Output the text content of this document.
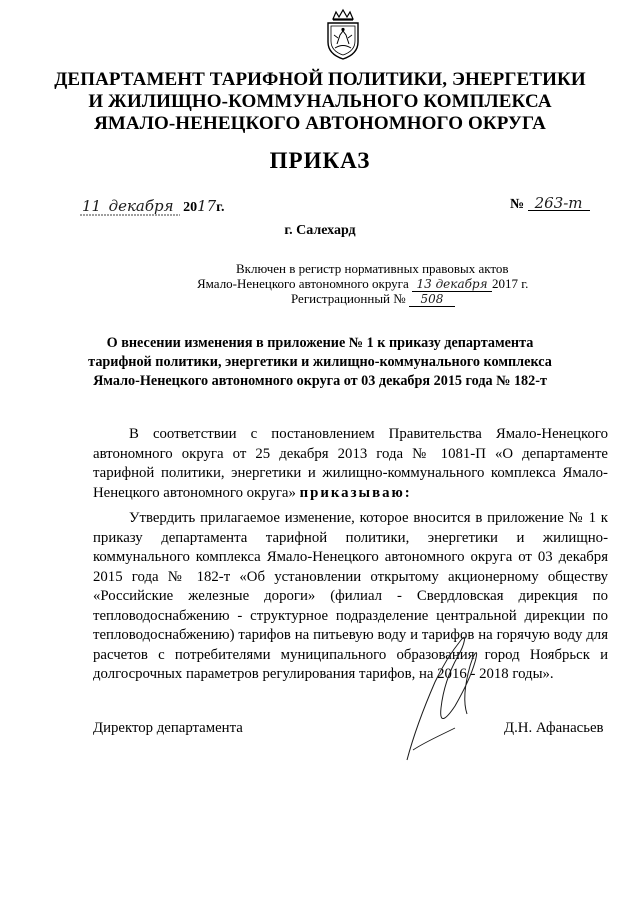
ДЕПАРТАМЕНТ ТАРИФНОЙ ПОЛИТИКИ, ЭНЕРГЕТИКИ
И ЖИЛИЩНО-КОММУНАЛЬНОГО КОМПЛЕКСА
ЯМАЛО-НЕНЕЦКОГО АВТОНОМНОГО ОКРУГА
ПРИКАЗ
11 декабря 2017г.	№ 263-т
г. Салехард
Включен в регистр нормативных правовых актов
Ямало-Ненецкого автономного округа 13 декабря 2017 г.
Регистрационный № 508
О внесении изменения в приложение № 1 к приказу департамента
тарифной политики, энергетики и жилищно-коммунального комплекса
Ямало-Ненецкого автономного округа от 03 декабря 2015 года № 182-т
В соответствии с постановлением Правительства Ямало-Ненецкого автономного округа от 25 декабря 2013 года № 1081-П «О департаменте тарифной политики, энергетики и жилищно-коммунального комплекса Ямало-Ненецкого автономного округа» приказываю:
Утвердить прилагаемое изменение, которое вносится в приложение № 1 к приказу департамента тарифной политики, энергетики и жилищно-коммунального комплекса Ямало-Ненецкого автономного округа от 03 декабря 2015 года № 182-т «Об установлении открытому акционерному обществу «Российские железные дороги» (филиал - Свердловская дирекция по тепловодоснабжению - структурное подразделение центральной дирекции по тепловодоснабжению) тарифов на питьевую воду и тарифов на горячую воду для расчетов с потребителями муниципального образования город Ноябрьск и долгосрочных параметров регулирования тарифов, на 2016 - 2018 годы».
Директор департамента	Д.Н. Афанасьев
